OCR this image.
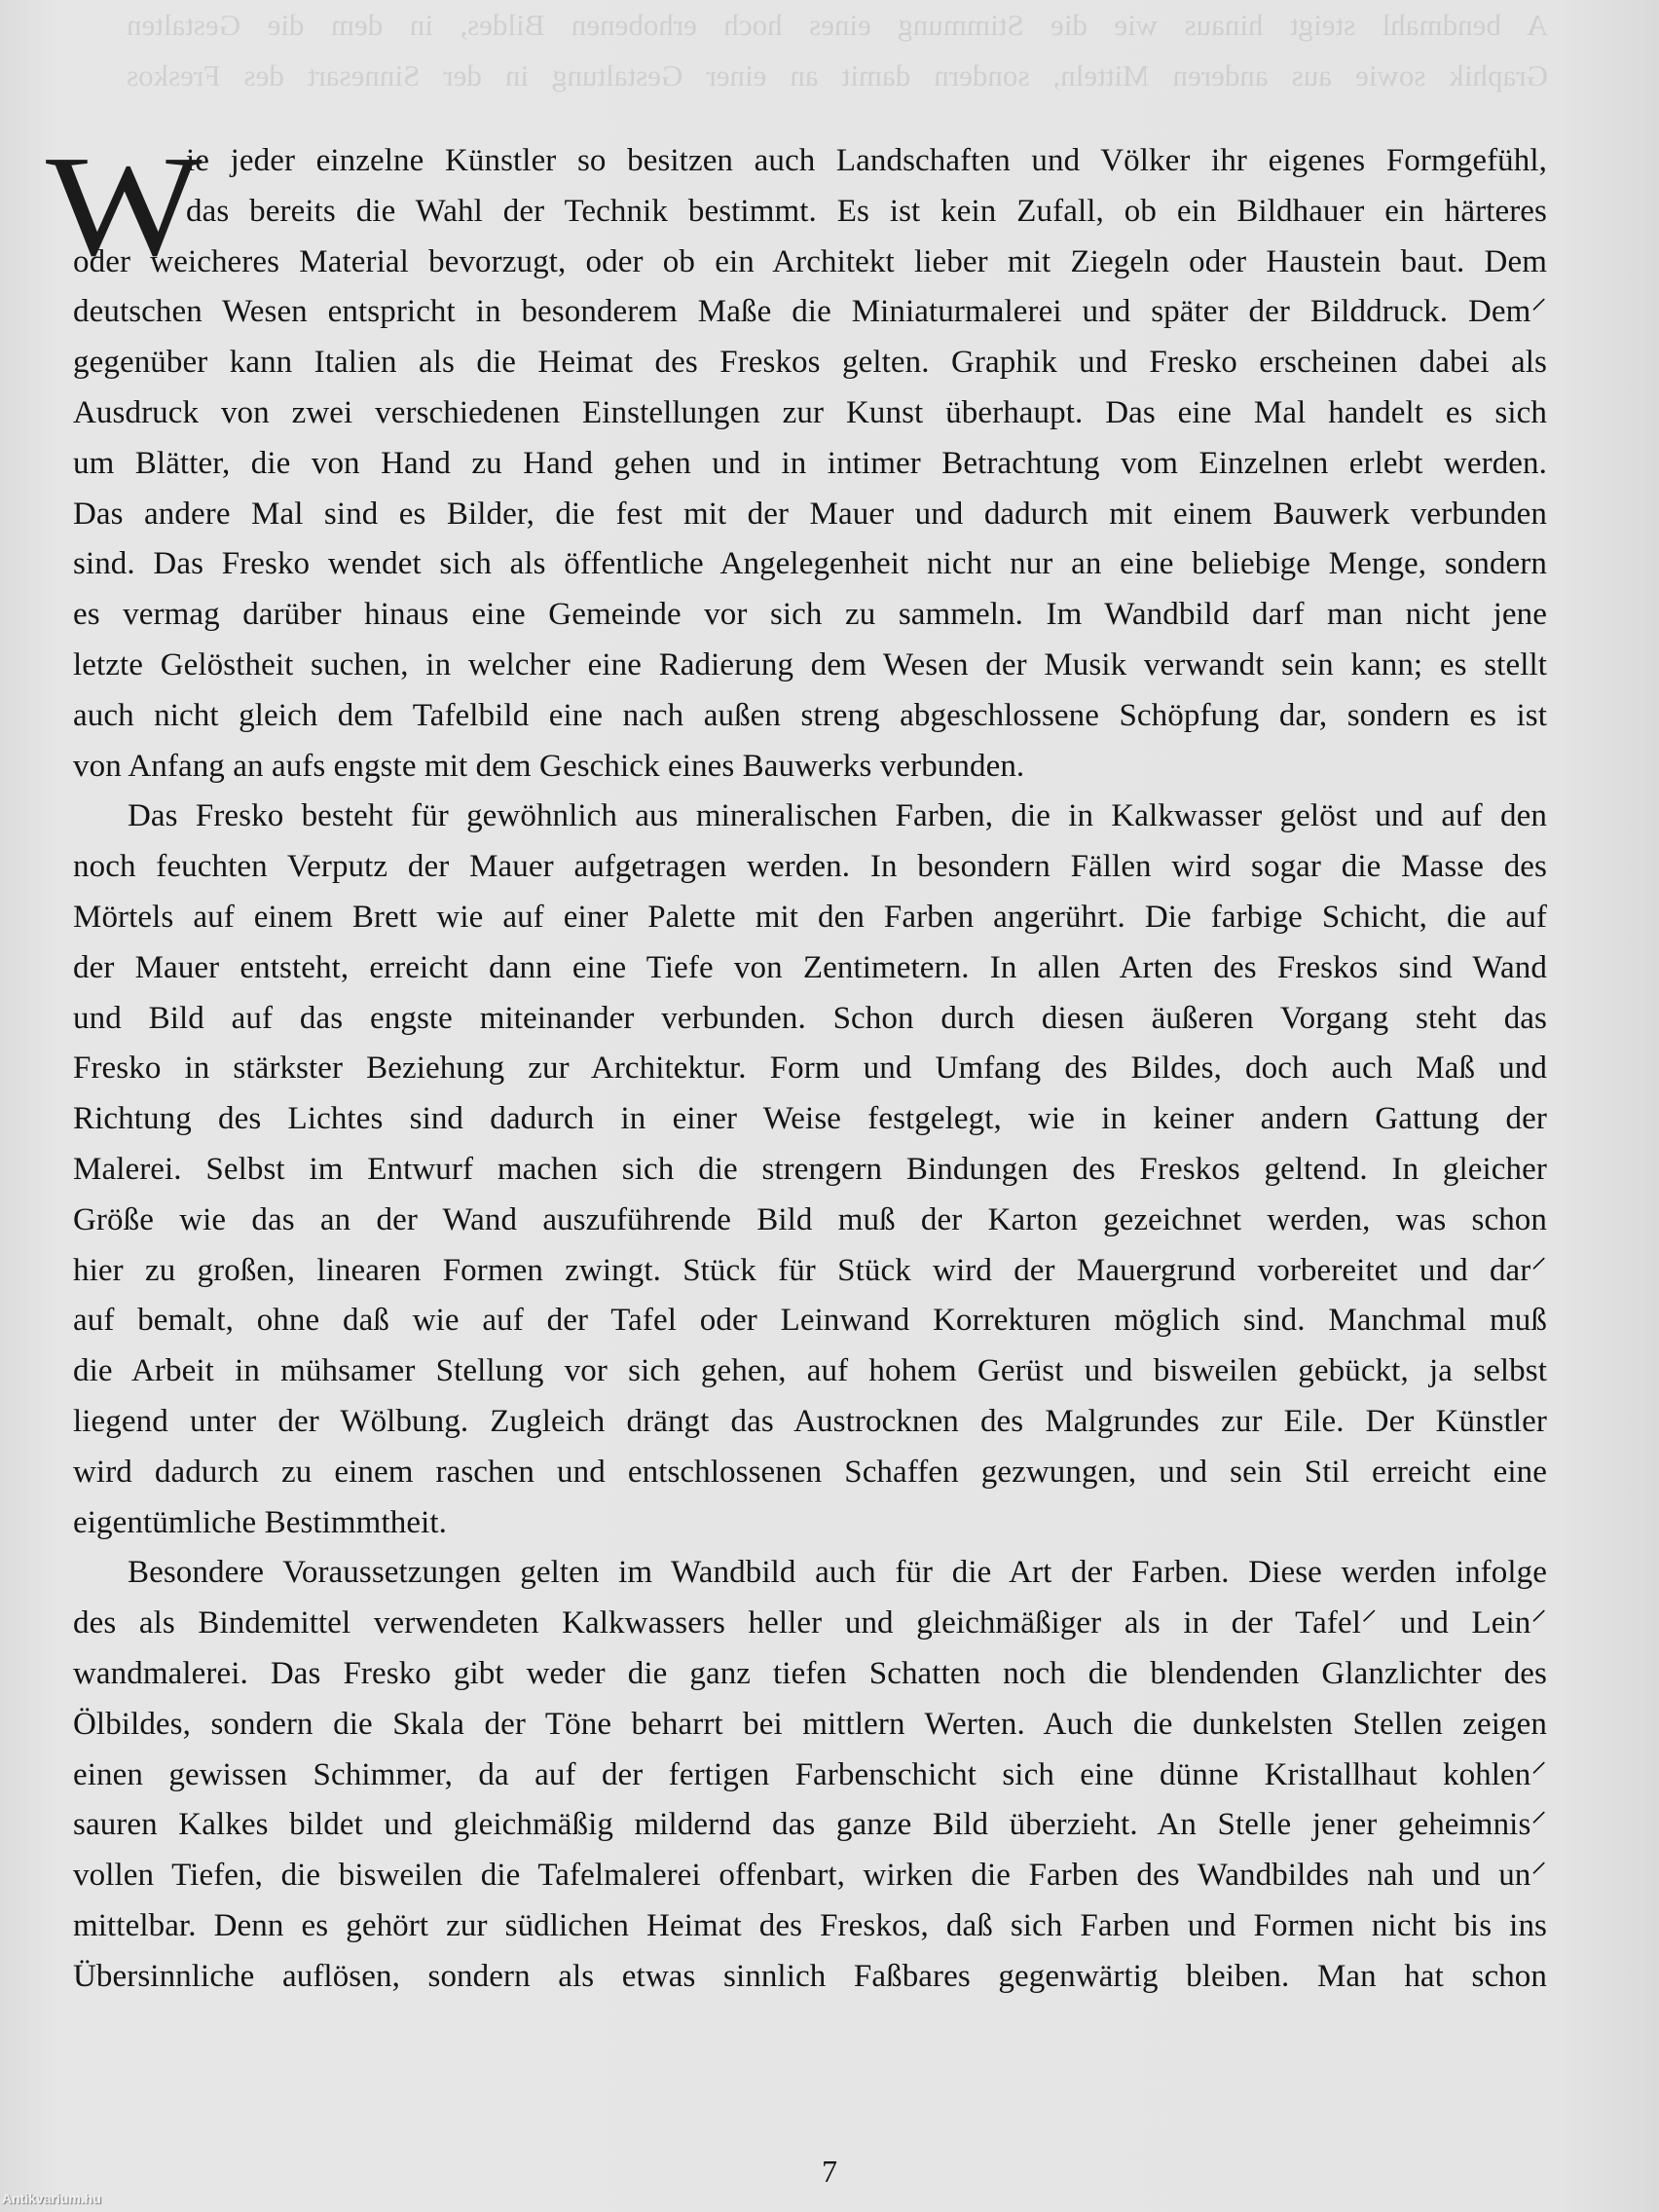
A bendmahl steigt hinaus wie die Stimmung eines hoch erhobenen Bildes, in dem die Gestalten
Graphik sowie aus anderen Mitteln, sondern damit an einer Gestaltung in der Sinnesart des Freskos
W
ie jeder einzelne Künstler so besitzen auch Landschaften und Völker ihr eigenes Formgefühl,
das bereits die Wahl der Technik bestimmt. Es ist kein Zufall, ob ein Bildhauer ein härteres
oder weicheres Material bevorzugt, oder ob ein Architekt lieber mit Ziegeln oder Haustein baut. Dem
deutschen Wesen entspricht in besonderem Maße die Miniaturmalerei und später der Bilddruck. Dem⸍
gegenüber kann Italien als die Heimat des Freskos gelten. Graphik und Fresko erscheinen dabei als
Ausdruck von zwei verschiedenen Einstellungen zur Kunst überhaupt. Das eine Mal handelt es sich
um Blätter, die von Hand zu Hand gehen und in intimer Betrachtung vom Einzelnen erlebt werden.
Das andere Mal sind es Bilder, die fest mit der Mauer und dadurch mit einem Bauwerk verbunden
sind. Das Fresko wendet sich als öffentliche Angelegenheit nicht nur an eine beliebige Menge, sondern
es vermag darüber hinaus eine Gemeinde vor sich zu sammeln. Im Wandbild darf man nicht jene
letzte Gelöstheit suchen, in welcher eine Radierung dem Wesen der Musik verwandt sein kann; es stellt
auch nicht gleich dem Tafelbild eine nach außen streng abgeschlossene Schöpfung dar, sondern es ist
von Anfang an aufs engste mit dem Geschick eines Bauwerks verbunden.
Das Fresko besteht für gewöhnlich aus mineralischen Farben, die in Kalkwasser gelöst und auf den
noch feuchten Verputz der Mauer aufgetragen werden. In besondern Fällen wird sogar die Masse des
Mörtels auf einem Brett wie auf einer Palette mit den Farben angerührt. Die farbige Schicht, die auf
der Mauer entsteht, erreicht dann eine Tiefe von Zentimetern. In allen Arten des Freskos sind Wand
und Bild auf das engste miteinander verbunden. Schon durch diesen äußeren Vorgang steht das
Fresko in stärkster Beziehung zur Architektur. Form und Umfang des Bildes, doch auch Maß und
Richtung des Lichtes sind dadurch in einer Weise festgelegt, wie in keiner andern Gattung der
Malerei. Selbst im Entwurf machen sich die strengern Bindungen des Freskos geltend. In gleicher
Größe wie das an der Wand auszuführende Bild muß der Karton gezeichnet werden, was schon
hier zu großen, linearen Formen zwingt. Stück für Stück wird der Mauergrund vorbereitet und dar⸍
auf bemalt, ohne daß wie auf der Tafel oder Leinwand Korrekturen möglich sind. Manchmal muß
die Arbeit in mühsamer Stellung vor sich gehen, auf hohem Gerüst und bisweilen gebückt, ja selbst
liegend unter der Wölbung. Zugleich drängt das Austrocknen des Malgrundes zur Eile. Der Künstler
wird dadurch zu einem raschen und entschlossenen Schaffen gezwungen, und sein Stil erreicht eine
eigentümliche Bestimmtheit.
Besondere Voraussetzungen gelten im Wandbild auch für die Art der Farben. Diese werden infolge
des als Bindemittel verwendeten Kalkwassers heller und gleichmäßiger als in der Tafel⸍ und Lein⸍
wandmalerei. Das Fresko gibt weder die ganz tiefen Schatten noch die blendenden Glanzlichter des
Ölbildes, sondern die Skala der Töne beharrt bei mittlern Werten. Auch die dunkelsten Stellen zeigen
einen gewissen Schimmer, da auf der fertigen Farbenschicht sich eine dünne Kristallhaut kohlen⸍
sauren Kalkes bildet und gleichmäßig mildernd das ganze Bild überzieht. An Stelle jener geheimnis⸍
vollen Tiefen, die bisweilen die Tafelmalerei offenbart, wirken die Farben des Wandbildes nah und un⸍
mittelbar. Denn es gehört zur südlichen Heimat des Freskos, daß sich Farben und Formen nicht bis ins
Übersinnliche auflösen, sondern als etwas sinnlich Faßbares gegenwärtig bleiben. Man hat schon
7
Antikvarium.hu
